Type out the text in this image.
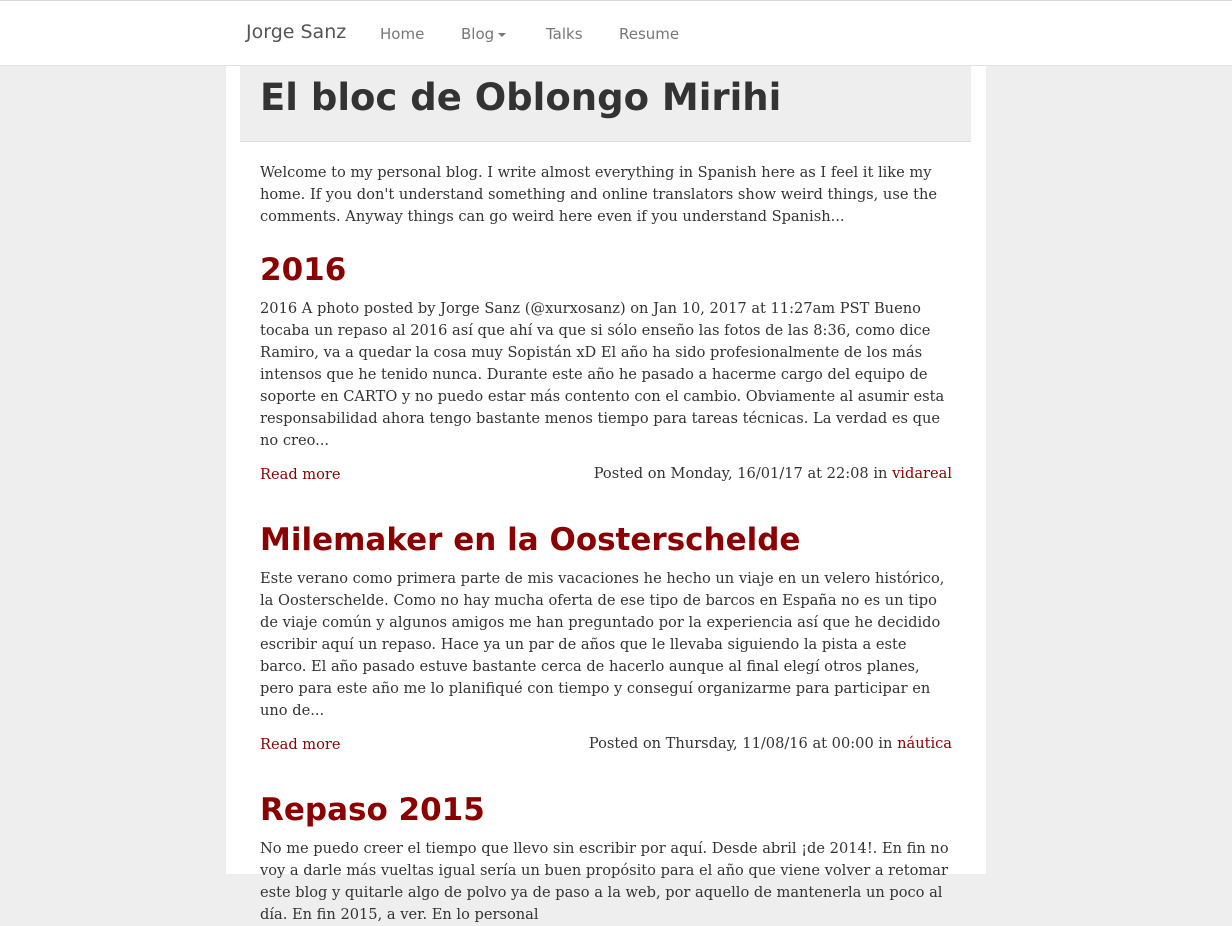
Jorge Sanz Home Blog	Talks Resume
El bloc de Oblongo Mirihi

Welcome to my personal blog. I write almost everything in Spanish here as I feel it like my home. If you don't understand something and online translators show weird things, use the comments. Anyway things can go weird here even if you understand Spanish...

2016

2016 A photo posted by Jorge Sanz (@xurxosanz) on Jan 10, 2017 at 11:27am PST Bueno tocaba un repaso al 2016 así que ahí va que si sólo enseño las fotos de las 8:36, como dice Ramiro, va a quedar la cosa muy Sopistán xD El año ha sido profesionalmente de los más intensos que he tenido nunca. Durante este año he pasado a hacerme cargo del equipo de soporte en CARTO y no puedo estar más contento con el cambio. Obviamente al asumir esta responsabilidad ahora tengo bastante menos tiempo para tareas técnicas. La verdad es que no creo...

Read more	Posted on Monday, 16/01/17 at 22:08 in vidareal
Milemaker en la Oosterschelde

Este verano como primera parte de mis vacaciones he hecho un viaje en un velero histórico, la Oosterschelde. Como no hay mucha oferta de ese tipo de barcos en España no es un tipo de viaje común y algunos amigos me han preguntado por la experiencia así que he decidido escribir aquí un repaso. Hace ya un par de años que le llevaba siguiendo la pista a este barco. El año pasado estuve bastante cerca de hacerlo aunque al final elegí otros planes, pero para este año me lo planifiqué con tiempo y conseguí organizarme para participar en uno de...

Read more	Posted on Thursday, 11/08/16 at 00:00 in náutica
Repaso 2015

No me puedo creer el tiempo que llevo sin escribir por aquí. Desde abril ¡de 2014!. En fin no voy a darle más vueltas igual sería un buen propósito para el año que viene volver a retomar este blog y quitarle algo de polvo ya de paso a la web, por aquello de mantenerla un poco al día. En fin 2015, a ver. En lo personal
